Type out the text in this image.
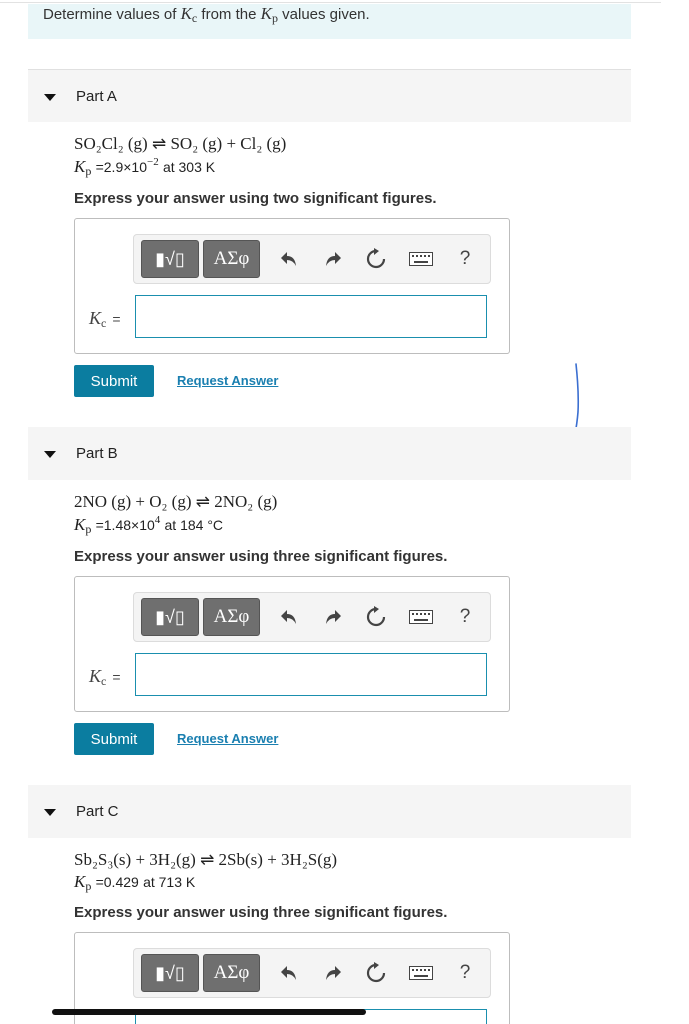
Determine values of $K_c$ from the $K_p$ values given.
Part A
SO₂Cl₂ (g) ⇌ SO₂ (g) + Cl₂ (g)
$K_p =2.9\times 10^{-2}$ at 303 K
Express your answer using two significant figures.
▮√▯	ΑΣφ	?
$K_c$ =
Submit	Request Answer
Part B
2NO (g) + O₂ (g) ⇌ 2NO₂ (g)
$K_p =1.48\times 10^4$ at 184 °C
Express your answer using three significant figures.
▮√▯	ΑΣφ	?
$K_c$ =
Submit	Request Answer
Part C
Sb₂S₃(s) + 3H₂(g) ⇌ 2Sb(s) + 3H₂S(g)
$K_p =0.429$ at 713 K
Express your answer using three significant figures.
▮√▯	ΑΣφ	?
